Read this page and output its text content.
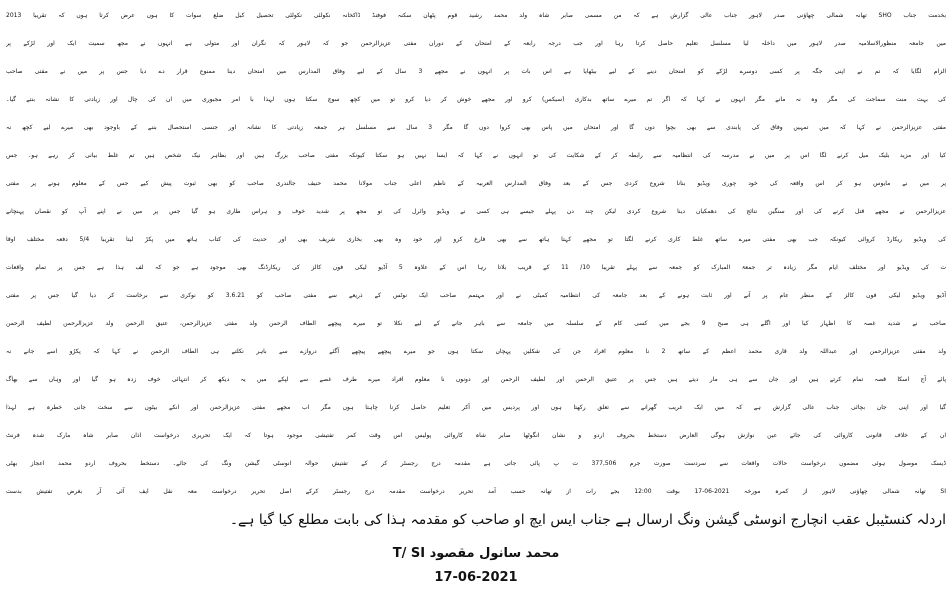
بخدمت جناب SHO تھانہ شمالی چھاؤنی صدر لاہور جناب عالی گزارش ہے کہ من مسمی صابر شاہ ولد محمد رشید قوم پٹھان سکنہ فوفنڈ ڈاکخانہ نکولئی نکولئی تحصیل کبل ضلع سوات کا ہوں عرض کرتا ہوں کہ تقریبا 2013
میں جامعہ منظورالاسلامیہ صدر لاہور میں داخلہ لیا مسلسل تعلیم حاصل کرتا رہا اور جب درجہ رابعہ کے امتحان کے دوران مفتی عزیزالرحمن جو کہ لاہور کہ نگران اور متولی ہے انہوں نے مجھ سمیت ایک اور لڑکے پر
الزام لگایا کہ تم نے اپنی جگہ پر کسی دوسرے لڑکے کو امتحان دینے کے لیے بیٹھایا ہے اس بات پر انہوں نے مجھے 3 سال کے لیے وفاق المدارس میں امتحان دینا ممنوع قرار دے دیا جس پر میں نے مفتی صاحب
کی بہت منت سماجت کی مگر وہ نہ مانے مگر انہوں نے کہا کہ اگر تم میرے ساتھ بدکاری (سیکس) کرو اور مجھے خوش کر دیا کرو تو میں کچھ سوچ سکتا ہوں لہذا با امر مجبوری میں ان کی چال اور زیادتی کا نشانہ بنتے گیا۔
مفتی عزیزالرحمن نے کہا کہ میں تمہیں وفاق کی پابندی سے بھی بچوا دوں گا اور امتحان میں پاس بھی کروا دوں گا مگر 3 سال سے مسلسل ہر جمعہ زیادتی کا نشانہ اور جنسی استحصال بننے کے باوجود بھی میرے لیے کچھ نہ
کیا اور مزید بلیک میل کرنے لگا اس پر میں نے مدرسہ کی انتظامیہ سے رابطہ کر کے شکایت کی تو انہوں نے کہا کہ ایسا نہیں ہو سکتا کیونکہ مفتی صاحب بزرگ ہیں اور بظاہر نیک شخص ہیں تم غلط بیانی کر رہے ہو۔ جس
پر میں نے مایوس ہو کر اس واقعہ کی خود چوری ویڈیو بنانا شروع کردی جس کے بعد وفاق المدارس العربیہ کے ناظم اعلی جناب مولانا محمد حنیف جالندری صاحب کو بھی ثبوت پیش کیے جس کے معلوم ہونے پر مفتی
عزیزالرحمن نے مجھے قتل کرنے کی اور سنگین نتائج کی دھمکیاں دینا شروع کردی لیکن چند دن پہلے جیسے ہی کسی نے ویڈیو وائرل کی تو مجھ پر شدید خوف و ہراس طاری ہو گیا جس پر میں نے اپنے آپ کو نقصان پہنچانے
کی ویڈیو ریکارڈ کروائی کیونکہ جب بھی مفتی میرے ساتھ غلط کاری کرنے لگتا تو مجھے کہتا ہاتھ سے بھی فارغ کرو اور خود وہ بھی بخاری شریف بھی اور حدیث کی کتاب ہاتھ میں پکڑ لیتا تقریبا 5/4 دفعہ مختلف اوقا
ت کی ویڈیو اور مختلف ایام مگر زیادہ تر جمعۃ المبارک کو جمعہ سے پہلے تقریبا 10/ 11 کے قریب بلاتا رہا اس کے علاوہ 5 آڈیو لیکی فون کالز کی ریکارڈنگ بھی موجود ہے جو کہ لف ہذا ہے جس پر تمام واقعات
آڈیو ویڈیو لیکی فون کالز کے منظر عام پر آنے اور ثابت ہونے کے بعد جامعہ کی انتظامیہ کمیٹی نے اور مہتمم صاحب ایک نوٹس کے ذریعے سے مفتی صاحب کو 3.6.21 کو نوکری سے برخاست کر دیا گیا جس پر مفتی
صاحب نے شدید غصہ کا اظہار کیا اور اگلے ہی صبح 9 بجے میں کسی کام کے سلسلہ میں جامعہ سے باہر جانے کے لیے نکلا تو میرے پیچھے الطاف الرحمن ولد مفتی عزیزالرحمن، عتیق الرحمن ولد عزیزالرحمن لطیف الرحمن
ولد مفتی عزیزالرحمن اور عبداللہ ولد قاری محمد اعظم کے ساتھ 2 نا معلوم افراد جن کی شکلیں پہچان سکتا ہوں جو میرے پیچھے پیچھے آگئے دروازے سے باہر نکلتے ہی الطاف الرحمن نے کہا کہ پکڑو اسے جانے نہ
پائے آج اسکا قصہ تمام کرتے ہیں اور جان سے ہی مار دیتے ہیں جس پر عتیق الرحمن اور لطیف الرحمن اور دونوں نا معلوم افراد میرے طرف غصے سے لپکے میں یہ دیکھ کر انتہائی خوف زدہ ہو گیا اور وہاں سے بھاگ
گیا اور اپنی جان بچائی جناب عالی گزارش ہے کہ میں ایک غریب گھرانے سے تعلق رکھتا ہوں اور پردیس میں آکر تعلیم حاصل کرنا چاہتا ہوں مگر اب مجھے مفتی عزیزالرحمن اور انکے بیٹوں سے سخت جانی خطرہ ہے لہذا
ان کے خلاف قانونی کاروائی کی جائے عین نوازش ہوگی العارض دستخط بحروف اردو و نشان انگوٹھا صابر شاہ کاروائی پولیس اس وقت کمر تفتیشی موجود ہوتا کہ ایک تحریری درخواست اذان صابر شاہ مارک شدہ فرنٹ
ڈیسک موصول ہوئی مضمون درخواست حالات واقعات سے سردست صورت جرم 377,506 ت پ پائی جاتی ہے مقدمہ درج رجسٹر کر کے تفتیش حوالہ انوسٹی گیشن ونگ کی جائے۔ دستخط بحروف اردو محمد اعجاز بھٹی
SI تھانہ شمالی چھاؤنی لاہور از کمرہ مورخہ 2021-06-17 بوقت 12:00 بجے رات از تھانہ حسب آمد تحریر درخواست مقدمہ درج رجسٹر کرکے اصل تحریر درخواست معہ نقل ایف آئی آر بغرض تفتیش بدست
اردلہ کنسٹیبل عقب انچارج انوسٹی گیشن ونگ ارسال ہے جناب ایس ایچ او صاحب کو مقدمہ ہذا کی بابت مطلع کیا گیا ہے۔
محمد سانول مقصود T/ SI
17-06-2021
